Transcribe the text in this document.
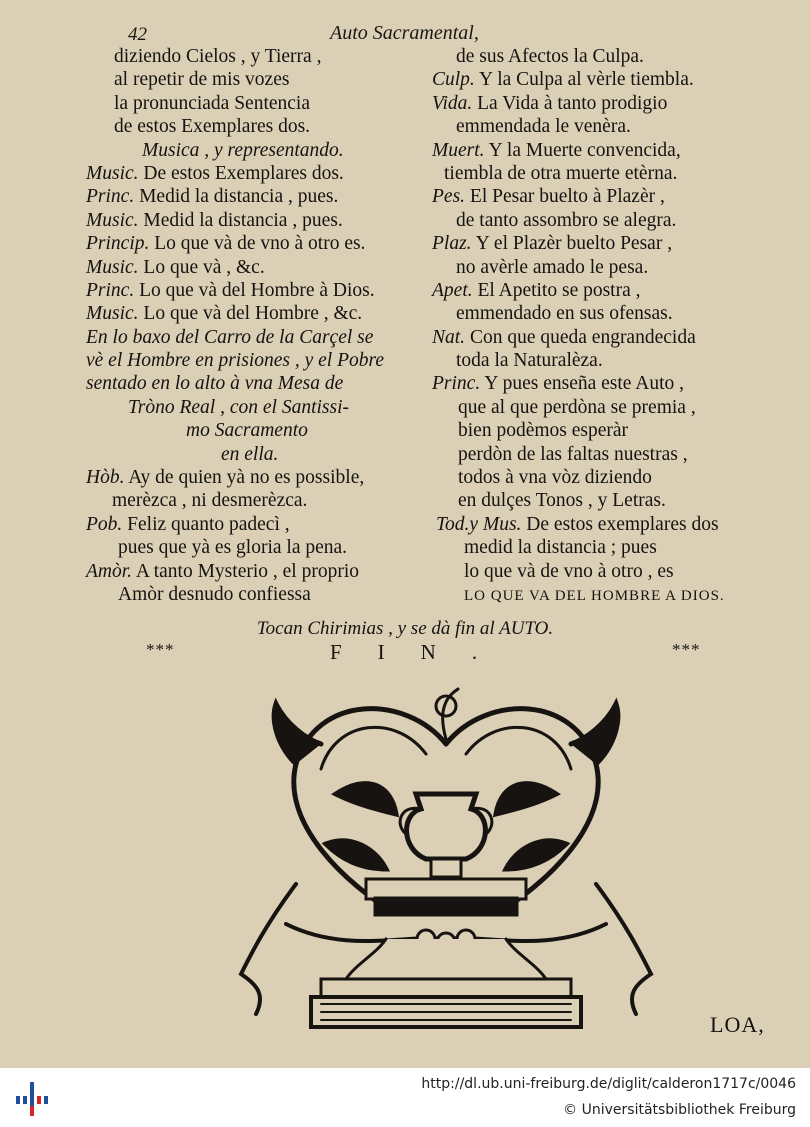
42	Auto Sacramental,
diziendo Cielos , y Tierra ,
al repetir de mis vozes
la pronunciada Sentencia
de estos Exemplares dos.
Musica , y representando.
Music. De estos Exemplares dos.
Princ. Medid la distancia , pues.
Music. Medid la distancia , pues.
Princip. Lo que và de vno à otro es.
Music. Lo que và , &c.
Princ. Lo que và del Hombre à Dios.
Music. Lo que và del Hombre , &c.
En lo baxo del Carro de la Carçel se
vè el Hombre en prisiones , y el Pobre
sentado en lo alto à vna Mesa de
Tròno Real , con el Santissi-
mo Sacramento
en ella.
Hòb. Ay de quien yà no es possible,
merèzca , ni desmerèzca.
Pob. Feliz quanto padecì ,
pues que yà es gloria la pena.
Amòr. A tanto Mysterio , el proprio
Amòr desnudo confiessa
de sus Afectos la Culpa.
Culp. Y la Culpa al vèrle tiembla.
Vida. La Vida à tanto prodigio
emmendada le venèra.
Muert. Y la Muerte convencida,
tiembla de otra muerte etèrna.
Pes. El Pesar buelto à Plazèr ,
de tanto assombro se alegra.
Plaz. Y el Plazèr buelto Pesar ,
no avèrle amado le pesa.
Apet. El Apetito se postra ,
emmendado en sus ofensas.
Nat. Con que queda engrandecida
toda la Naturalèza.
Princ. Y pues enseña este Auto ,
que al que perdòna se premia ,
bien podèmos esperàr
perdòn de las faltas nuestras ,
todos à vna vòz diziendo
en dulçes Tonos , y Letras.
Tod.y Mus. De estos exemplares dos
medid la distancia ; pues
lo que và de vno à otro , es
LO QUE VA DEL HOMBRE A DIOS.
Tocan Chirimias , y se dà fin al AUTO.
***	FIN.	***
LOA,
http://dl.ub.uni-freiburg.de/diglit/calderon1717c/0046
© Universitätsbibliothek Freiburg
